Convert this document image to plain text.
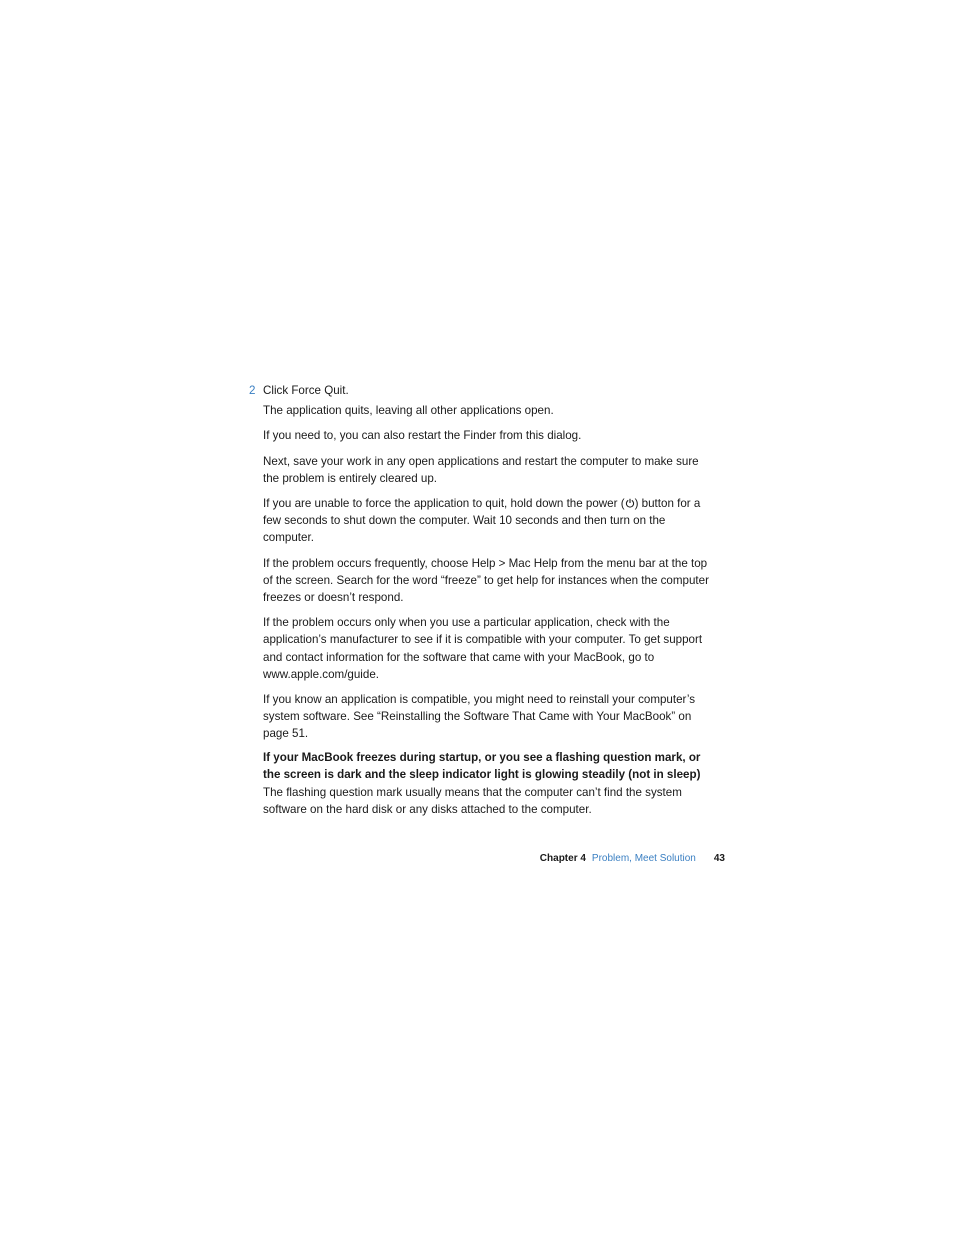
2 Click Force Quit.

The application quits, leaving all other applications open.

If you need to, you can also restart the Finder from this dialog.

Next, save your work in any open applications and restart the computer to make sure the problem is entirely cleared up.

If you are unable to force the application to quit, hold down the power ( ) button for a few seconds to shut down the computer. Wait 10 seconds and then turn on the computer.

If the problem occurs frequently, choose Help > Mac Help from the menu bar at the top of the screen. Search for the word “freeze” to get help for instances when the computer freezes or doesn’t respond.

If the problem occurs only when you use a particular application, check with the application’s manufacturer to see if it is compatible with your computer. To get support and contact information for the software that came with your MacBook, go to www.apple.com/guide.

If you know an application is compatible, you might need to reinstall your computer’s system software. See “Reinstalling the Software That Came with Your MacBook” on page 51.

If your MacBook freezes during startup, or you see a flashing question mark, or the screen is dark and the sleep indicator light is glowing steadily (not in sleep)

The flashing question mark usually means that the computer can’t find the system software on the hard disk or any disks attached to the computer.

Chapter 4 Problem, Meet Solution 43
